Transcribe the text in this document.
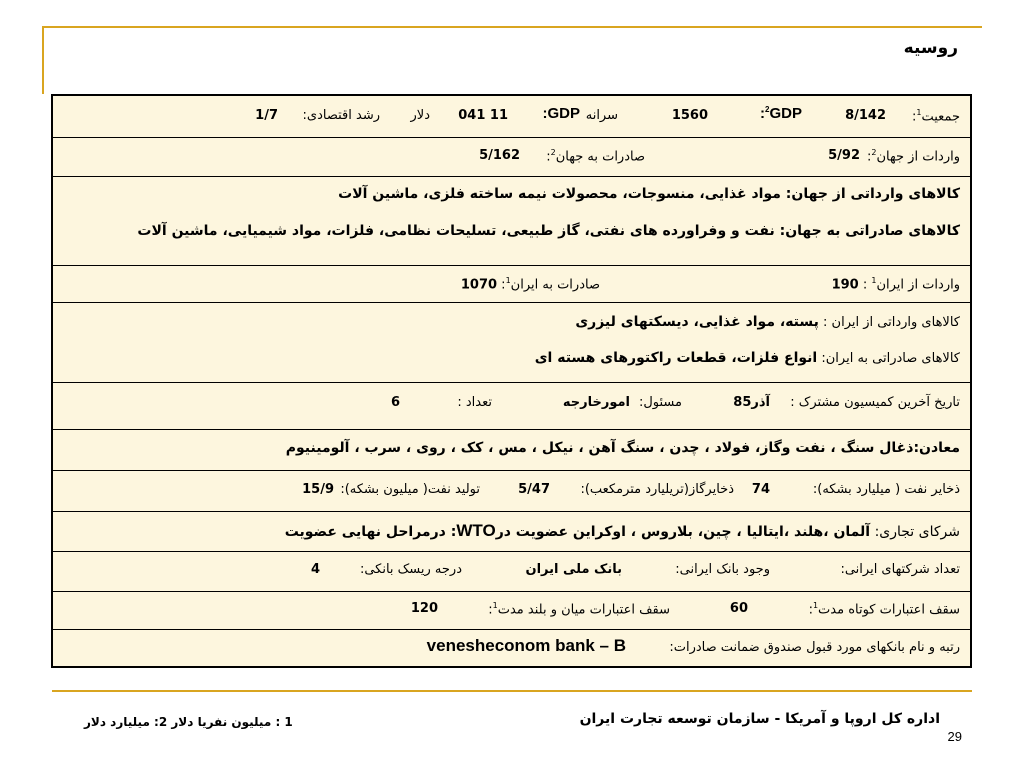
روسیه
جمعیت$^1$:
8/142
$^2$GDP:
1560
سرانه
GDP:
11 041
دلار
رشد اقتصادی:
1/7
واردات از جهان$^2$:
5/92
صادرات به جهان$^2$:
5/162
کالاهای وارداتی از جهان: مواد غذایی، منسوجات، محصولات نیمه ساخته فلزی، ماشین آلات
کالاهای صادراتی به جهان: نفت و وفراورده های نفتی، گاز طبیعی، تسلیحات نظامی، فلزات، مواد شیمیایی، ماشین آلات
واردات از ایران$^1$ : 190
صادرات به ایران$^1$: 1070
کالاهای وارداتی از ایران : پسته، مواد غذایی، دیسکتهای لیزری
کالاهای صادراتی به ایران: انواع فلزات، قطعات راکتورهای هسته ای
تاریخ آخرین کمیسیون مشترک :
آذر85
مسئول:
امورخارجه
تعداد :
6
معادن:ذغال سنگ ، نفت وگاز، فولاد ، چدن ، سنگ آهن ، نیکل ، مس ، کک ، روی ، سرب ، آلومینیوم
ذخایر نفت ( میلیارد بشکه):
74
ذخایرگاز(تریلیارد مترمکعب):
5/47
تولید نفت( میلیون بشکه):
15/9
شرکای تجاری: آلمان ،هلند ،ایتالیا ، چین، بلاروس ، اوکراین عضویت درWTO: درمراحل نهایی عضویت
تعداد شرکتهای ایرانی:
وجود بانک ایرانی:
بانک ملی ایران
درجه ریسک بانکی:
4
سقف اعتبارات کوتاه مدت$^1$:
60
سقف اعتبارات میان و بلند مدت$^1$:
120
رتبه و نام بانکهای مورد قبول صندوق ضمانت صادرات:
veneshecоnom bank – B
اداره کل اروپا و آمریکا - سازمان توسعه تجارت ایران
29
1 : میلیون نفریا دلار 2: میلیارد دلار
